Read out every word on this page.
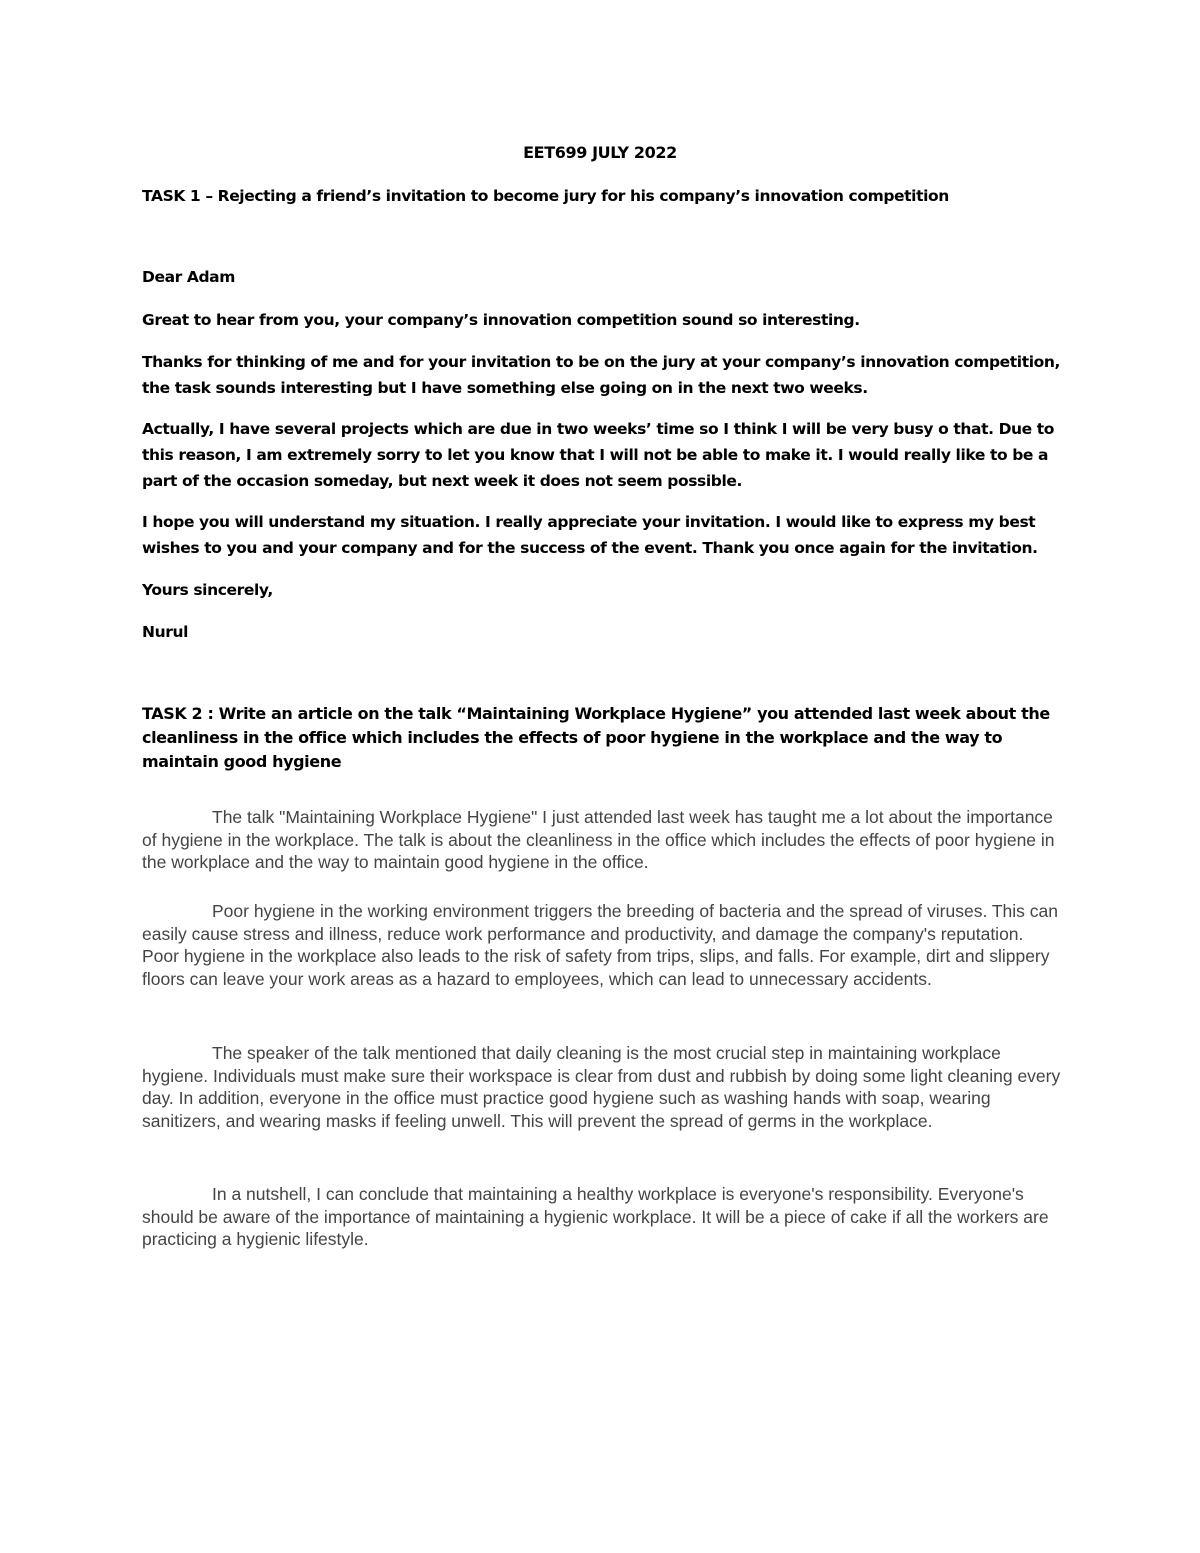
EET699 JULY 2022

TASK 1 – Rejecting a friend’s invitation to become jury for his company’s innovation competition

Dear Adam

Great to hear from you, your company’s innovation competition sound so interesting.

Thanks for thinking of me and for your invitation to be on the jury at your company’s innovation competition, the task sounds interesting but I have something else going on in the next two weeks.

Actually, I have several projects which are due in two weeks’ time so I think I will be very busy o that. Due to this reason, I am extremely sorry to let you know that I will not be able to make it. I would really like to be a part of the occasion someday, but next week it does not seem possible.

I hope you will understand my situation. I really appreciate your invitation. I would like to express my best wishes to you and your company and for the success of the event. Thank you once again for the invitation.

Yours sincerely,

Nurul

TASK 2 : Write an article on the talk “Maintaining Workplace Hygiene” you attended last week about the cleanliness in the office which includes the effects of poor hygiene in the workplace and the way to maintain good hygiene

The talk "Maintaining Workplace Hygiene" I just attended last week has taught me a lot about the importance of hygiene in the workplace. The talk is about the cleanliness in the office which includes the effects of poor hygiene in the workplace and the way to maintain good hygiene in the office.

Poor hygiene in the working environment triggers the breeding of bacteria and the spread of viruses. This can easily cause stress and illness, reduce work performance and productivity, and damage the company's reputation. Poor hygiene in the workplace also leads to the risk of safety from trips, slips, and falls. For example, dirt and slippery floors can leave your work areas as a hazard to employees, which can lead to unnecessary accidents.

The speaker of the talk mentioned that daily cleaning is the most crucial step in maintaining workplace hygiene. Individuals must make sure their workspace is clear from dust and rubbish by doing some light cleaning every day. In addition, everyone in the office must practice good hygiene such as washing hands with soap, wearing sanitizers, and wearing masks if feeling unwell. This will prevent the spread of germs in the workplace.

In a nutshell, I can conclude that maintaining a healthy workplace is everyone's responsibility. Everyone's should be aware of the importance of maintaining a hygienic workplace. It will be a piece of cake if all the workers are practicing a hygienic lifestyle.
